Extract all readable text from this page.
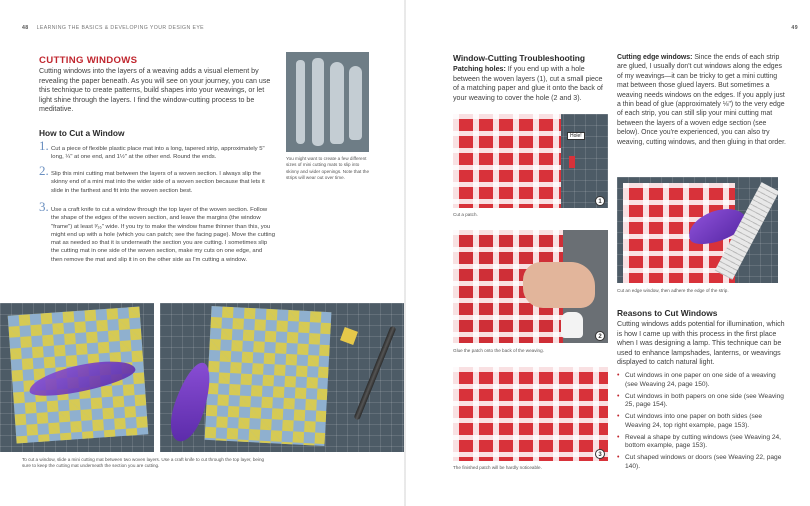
48 LEARNING THE BASICS & DEVELOPING YOUR DESIGN EYE
CUTTING WINDOWS
Cutting windows into the layers of a weaving adds a visual element by revealing the paper beneath. As you will see on your journey, you can use this technique to create patterns, build shapes into your weavings, or let light shine through the layers. I find the window-cutting process to be meditative.
How to Cut a Window
1. Cut a piece of flexible plastic place mat into a long, tapered strip, approximately 5" long, ¼" at one end, and 1½" at the other end. Round the ends.
2. Slip this mini cutting mat between the layers of a woven section. I always slip the skinny end of a mini mat into the wider side of a woven section because that lets it slide in the farthest and fit into the woven section best.
3. Use a craft knife to cut a window through the top layer of the woven section. Follow the shape of the edges of the woven section, and leave the margins (the window "frame") at least ³⁄₁₆" wide. If you try to make the window frame thinner than this, you might end up with a hole (which you can patch; see the facing page). Move the cutting mat as needed so that it is underneath the section you are cutting. I sometimes slip the cutting mat in one side of the woven section, make my cuts on one edge, and then remove the mat and slip it in on the other side as I'm cutting a window.
You might want to create a few different sizes of mini cutting mats to slip into skinny and wider openings. Note that the strips will wear out over time.
To cut a window, slide a mini cutting mat between two woven layers. Use a craft knife to cut through the top layer, being sure to keep the cutting mat underneath the section you are cutting.
49
Window-Cutting Troubleshooting
Patching holes: If you end up with a hole between the woven layers (1), cut a small piece of a matching paper and glue it onto the back of your weaving to cover the hole (2 and 3).
Hole!
1
Cut a patch.
2
Glue the patch onto the back of the weaving.
3
The finished patch will be hardly noticeable.
Cutting edge windows: Since the ends of each strip are glued, I usually don't cut windows along the edges of my weavings—it can be tricky to get a mini cutting mat between those glued layers. But sometimes a weaving needs windows on the edges. If you apply just a thin bead of glue (approximately ⅛") to the very edge of each strip, you can still slip your mini cutting mat between the layers of a woven edge section (see below). Once you're experienced, you can also try weaving, cutting windows, and then gluing in that order.
Cut an edge window, then adhere the edge of the strip.
Reasons to Cut Windows
Cutting windows adds potential for illumination, which is how I came up with this process in the first place when I was designing a lamp. This technique can be used to enhance lampshades, lanterns, or weavings displayed to catch natural light.
• Cut windows in one paper on one side of a weaving (see Weaving 24, page 150).
• Cut windows in both papers on one side (see Weaving 25, page 154).
• Cut windows into one paper on both sides (see Weaving 24, top right example, page 153).
• Reveal a shape by cutting windows (see Weaving 24, bottom example, page 153).
• Cut shaped windows or doors (see Weaving 22, page 140).
